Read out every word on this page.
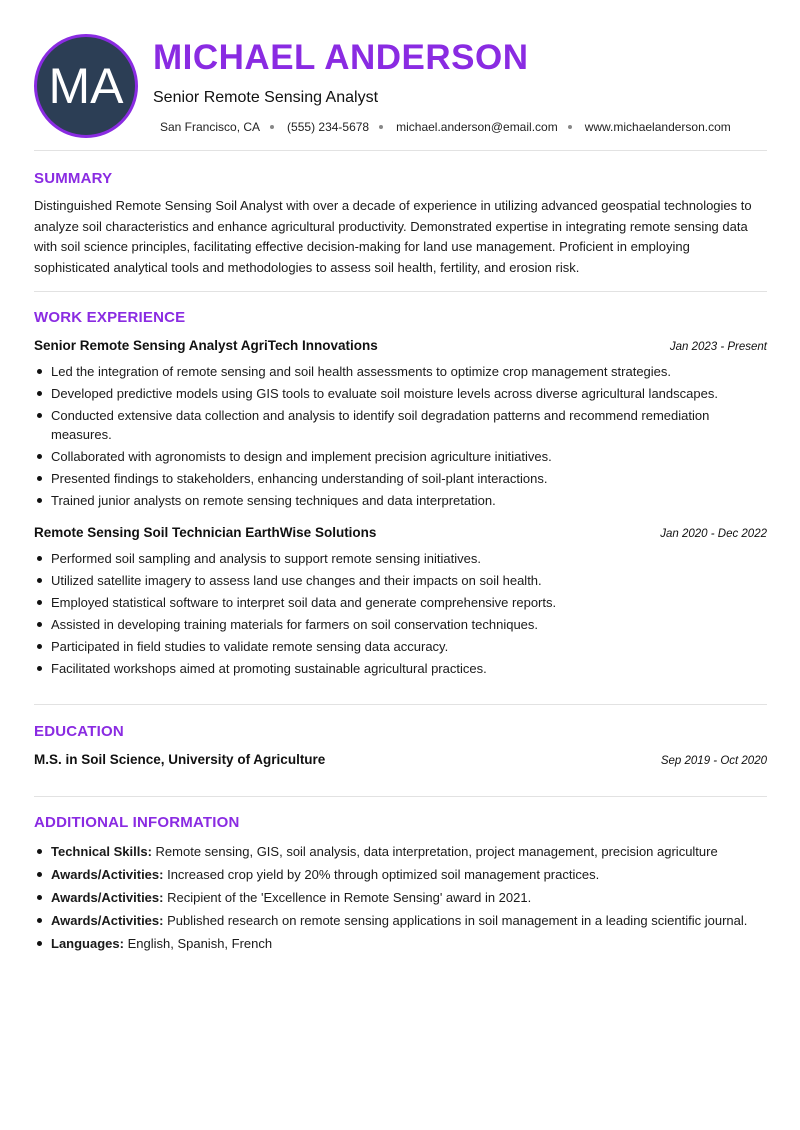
MA
MICHAEL ANDERSON
Senior Remote Sensing Analyst
San Francisco, CA (555) 234-5678 michael.anderson@email.com www.michaelanderson.com
SUMMARY
Distinguished Remote Sensing Soil Analyst with over a decade of experience in utilizing advanced geospatial technologies to analyze soil characteristics and enhance agricultural productivity. Demonstrated expertise in integrating remote sensing data with soil science principles, facilitating effective decision-making for land use management. Proficient in employing sophisticated analytical tools and methodologies to assess soil health, fertility, and erosion risk.
WORK EXPERIENCE
Senior Remote Sensing Analyst AgriTech Innovations	Jan 2023 - Present
Led the integration of remote sensing and soil health assessments to optimize crop management strategies.
Developed predictive models using GIS tools to evaluate soil moisture levels across diverse agricultural landscapes.
Conducted extensive data collection and analysis to identify soil degradation patterns and recommend remediation measures.
Collaborated with agronomists to design and implement precision agriculture initiatives.
Presented findings to stakeholders, enhancing understanding of soil-plant interactions.
Trained junior analysts on remote sensing techniques and data interpretation.
Remote Sensing Soil Technician EarthWise Solutions	Jan 2020 - Dec 2022
Performed soil sampling and analysis to support remote sensing initiatives.
Utilized satellite imagery to assess land use changes and their impacts on soil health.
Employed statistical software to interpret soil data and generate comprehensive reports.
Assisted in developing training materials for farmers on soil conservation techniques.
Participated in field studies to validate remote sensing data accuracy.
Facilitated workshops aimed at promoting sustainable agricultural practices.
EDUCATION
M.S. in Soil Science, University of Agriculture	Sep 2019 - Oct 2020
ADDITIONAL INFORMATION
Technical Skills: Remote sensing, GIS, soil analysis, data interpretation, project management, precision agriculture
Awards/Activities: Increased crop yield by 20% through optimized soil management practices.
Awards/Activities: Recipient of the 'Excellence in Remote Sensing' award in 2021.
Awards/Activities: Published research on remote sensing applications in soil management in a leading scientific journal.
Languages: English, Spanish, French
